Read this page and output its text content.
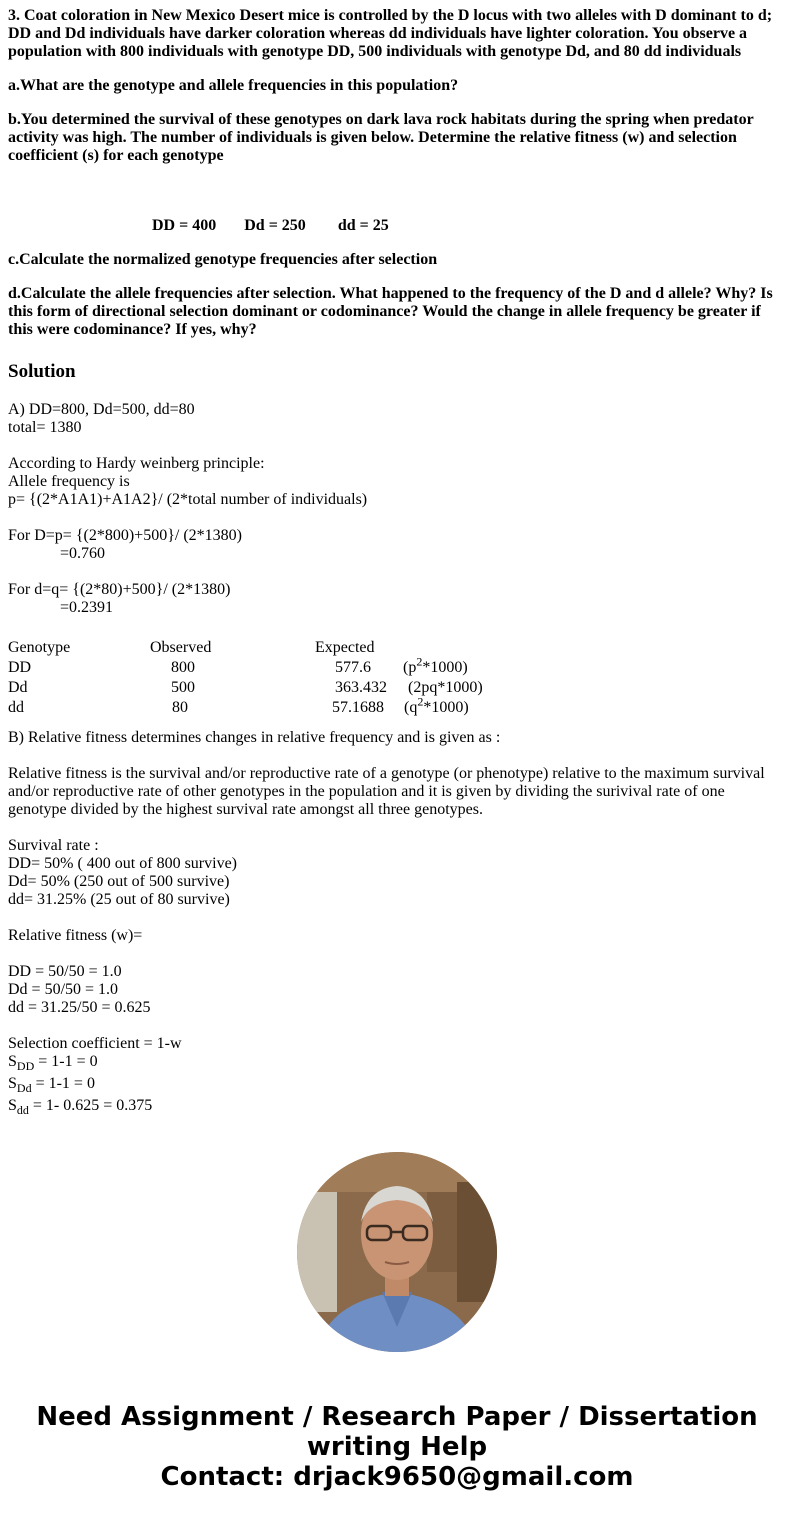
3. Coat coloration in New Mexico Desert mice is controlled by the D locus with two alleles with D dominant to d; DD and Dd individuals have darker coloration whereas dd individuals have lighter coloration. You observe a population with 800 individuals with genotype DD, 500 individuals with genotype Dd, and 80 dd individuals

a.What are the genotype and allele frequencies in this population?

b.You determined the survival of these genotypes on dark lava rock habitats during the spring when predator activity was high. The number of individuals is given below. Determine the relative fitness (w) and selection coefficient (s) for each genotype

DD = 400 Dd = 250 dd = 25

c.Calculate the normalized genotype frequencies after selection

d.Calculate the allele frequencies after selection. What happened to the frequency of the D and d allele? Why? Is this form of directional selection dominant or codominance? Would the change in allele frequency be greater if this were codominance? If yes, why?

Solution
A) DD=800, Dd=500, dd=80
total= 1380
According to Hardy weinberg principle:
Allele frequency is
p= {(2*A1A1)+A1A2}/ (2*total number of individuals)
For D=p= {(2*800)+500}/ (2*1380)
=0.760
For d=q= {(2*80)+500}/ (2*1380)
=0.2391
Genotype	Observed	Expected
DD	800	577.6 $(p^2*1000)$
Dd	500	363.432 (2pq*1000)
dd	80	57.1688 $(q^2*1000)$
B) Relative fitness determines changes in relative frequency and is given as :
Relative fitness is the survival and/or reproductive rate of a genotype (or phenotype) relative to the maximum survival and/or reproductive rate of other genotypes in the population and it is given by dividing the surivival rate of one genotype divided by the highest survival rate amongst all three genotypes.
Survival rate :
DD= 50% ( 400 out of 800 survive)
Dd= 50% (250 out of 500 survive)
dd= 31.25% (25 out of 80 survive)
Relative fitness (w)=
DD = 50/50 = 1.0
Dd = 50/50 = 1.0
dd = 31.25/50 = 0.625
Selection coefficient = 1-w
$S_{DD} = 1-1 = 0$
$S_{Dd} = 1-1 = 0$
$S_{dd} = 1-$ 0.625 = 0.375
Need Assignment / Research Paper / Dissertation
writing Help
Contact: drjack9650@gmail.com
